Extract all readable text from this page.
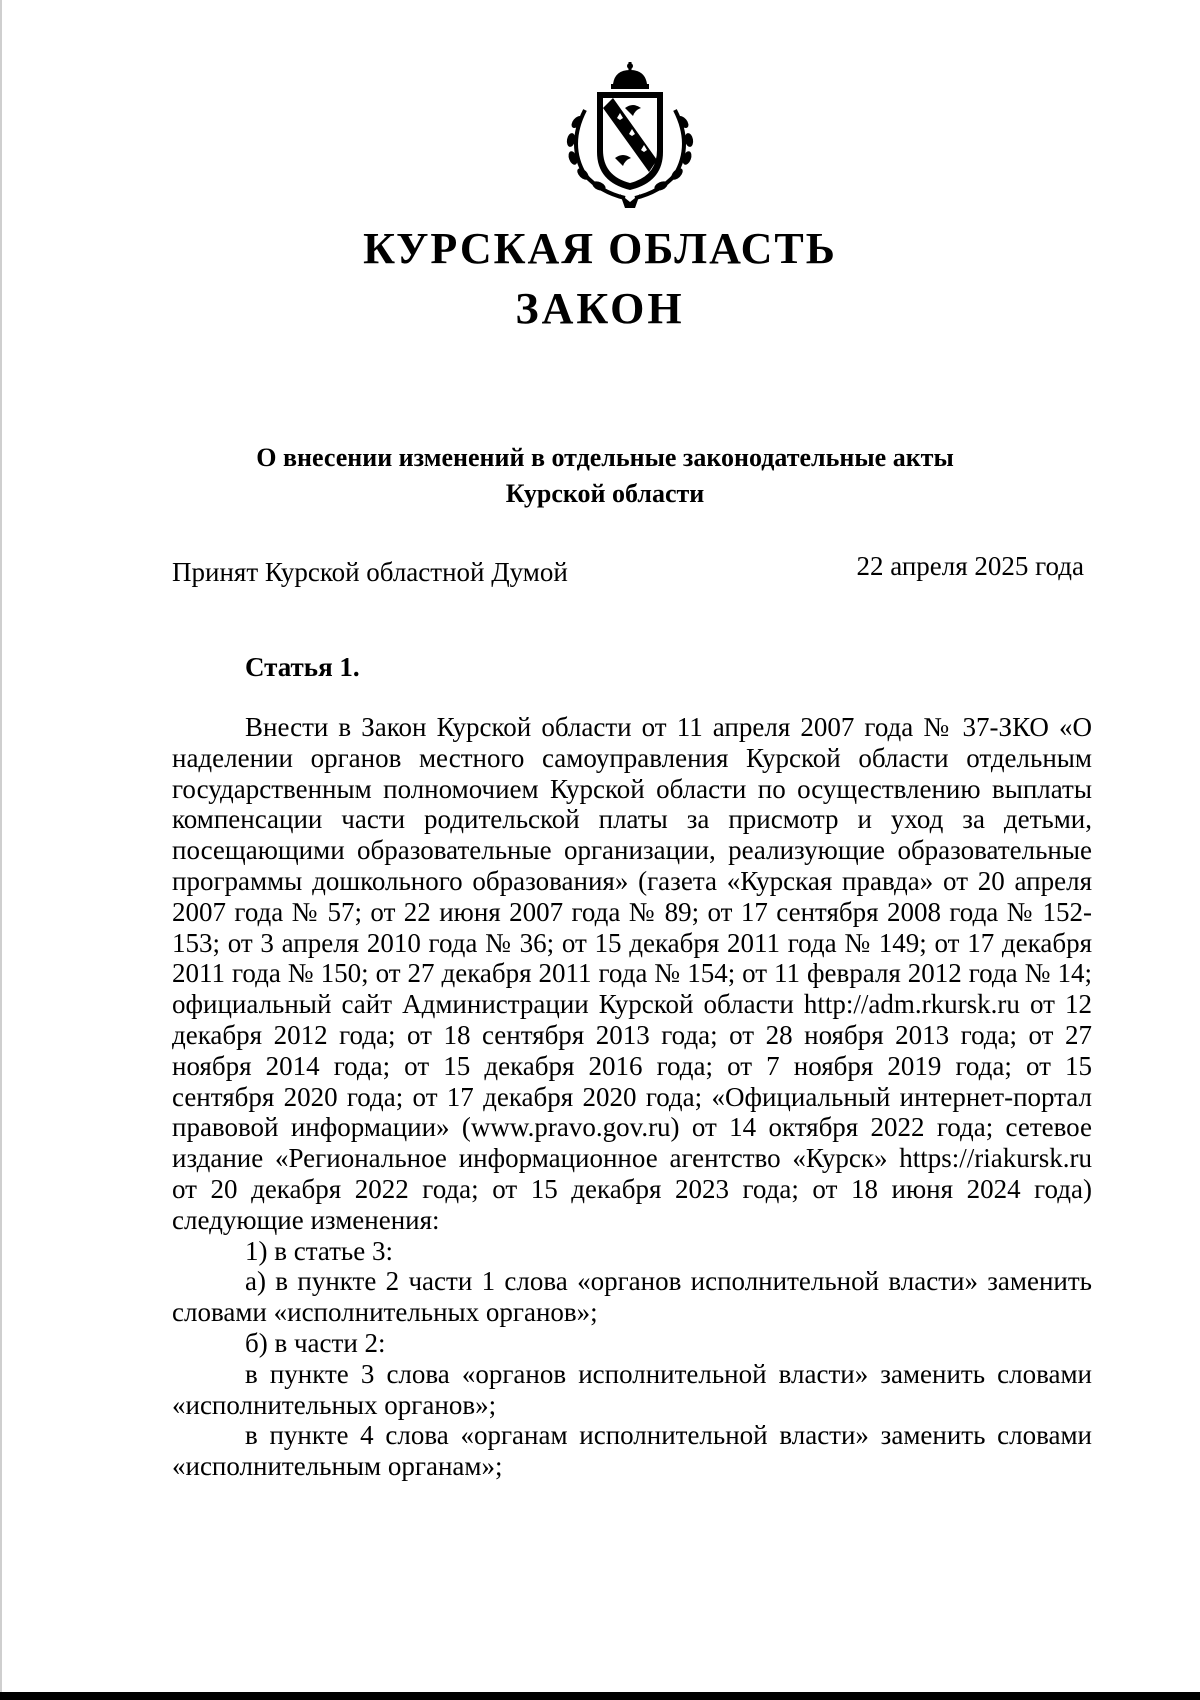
КУРСКАЯ ОБЛАСТЬ
ЗАКОН
О внесении изменений в отдельные законодательные акты
Курской области
Принят Курской областной Думой	22 апреля 2025 года
Статья 1.

Внести в Закон Курской области от 11 апреля 2007 года № 37-ЗКО «О наделении органов местного самоуправления Курской области отдельным государственным полномочием Курской области по осуществлению выплаты компенсации части родительской платы за присмотр и уход за детьми, посещающими образовательные организации, реализующие образовательные программы дошкольного образования» (газета «Курская правда» от 20 апреля 2007 года № 57; от 22 июня 2007 года № 89; от 17 сентября 2008 года № 152-153; от 3 апреля 2010 года № 36; от 15 декабря 2011 года № 149; от 17 декабря 2011 года № 150; от 27 декабря 2011 года № 154; от 11 февраля 2012 года № 14; официальный сайт Администрации Курской области http://adm.rkursk.ru от 12 декабря 2012 года; от 18 сентября 2013 года; от 28 ноября 2013 года; от 27 ноября 2014 года; от 15 декабря 2016 года; от 7 ноября 2019 года; от 15 сентября 2020 года; от 17 декабря 2020 года; «Официальный интернет-портал правовой информации» (www.pravo.gov.ru) от 14 октября 2022 года; сетевое издание «Региональное информационное агентство «Курск» https://riakursk.ru от 20 декабря 2022 года; от 15 декабря 2023 года; от 18 июня 2024 года) следующие изменения:

1) в статье 3:

а) в пункте 2 части 1 слова «органов исполнительной власти» заменить словами «исполнительных органов»;

б) в части 2:

в пункте 3 слова «органов исполнительной власти» заменить словами «исполнительных органов»;

в пункте 4 слова «органам исполнительной власти» заменить словами «исполнительным органам»;
